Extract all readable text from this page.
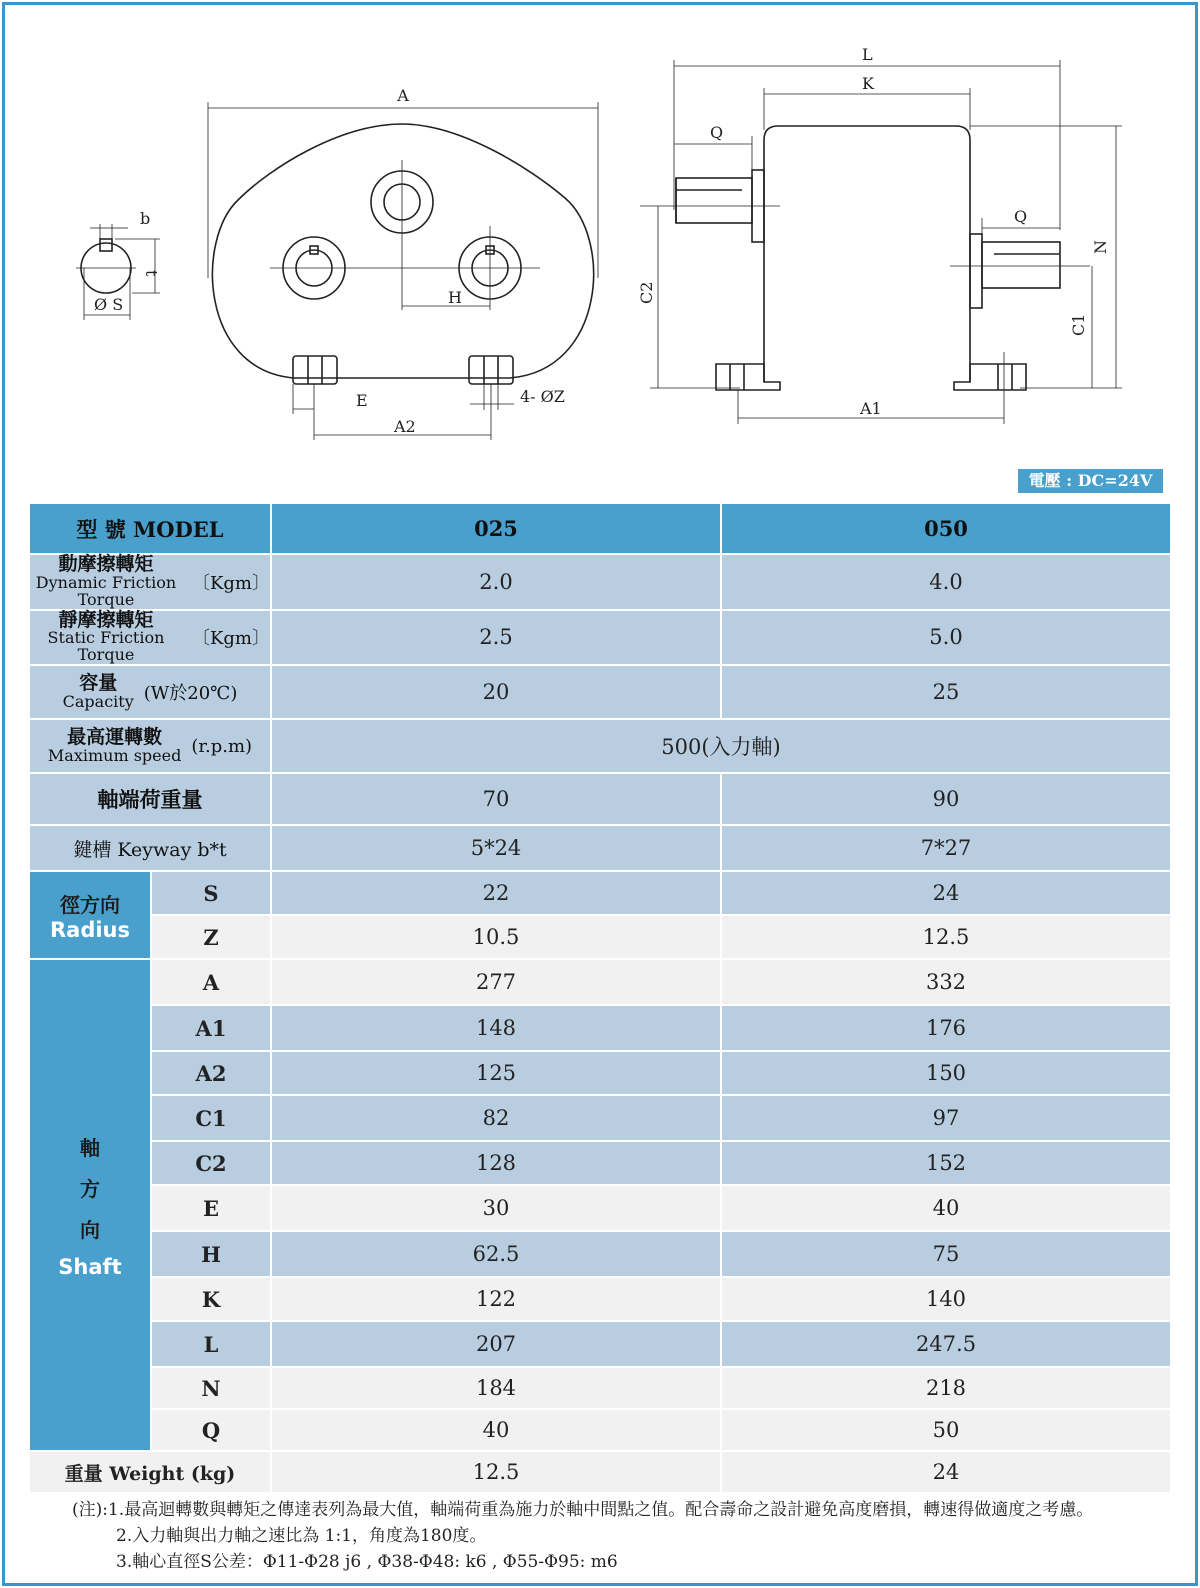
A
b
t
Ø S	H
E	4- ØZ
A2
L
K
Q
Q
N
C1
C2
A1
電壓 : DC=24V
型 號 MODEL		025	050

動摩擦轉矩
Dynamic Friction Torque
〔Kgm〕		2.0	4.0

靜摩擦轉矩
Static Friction Torque
〔Kgm〕		2.5	5.0

容量
Capacity (W於20℃)		20	25

最高運轉數
Maximum speed (r.p.m)		500(入力軸)	
軸端荷重量		70	90
鍵槽 Keyway b*t		5*24	7*27

徑方向
Radius	S	22	24
	Z	10.5	12.5

軸
方
向
Shaft	A	277	332
	A1	148	176
	A2	125	150
	C1	82	97
	C2	128	152
	E	30	40
	H	62.5	75
	K	122	140
	L	207	247.5
	N	184	218
	Q	40	50
重量 Weight (kg)		12.5	24
(注):1.最高迴轉數與轉矩之傳達表列為最大值，軸端荷重為施力於軸中間點之值。配合壽命之設計避免高度磨損，轉速得做適度之考慮。
2.入力軸與出力軸之速比為 1:1，角度為180度。
3.軸心直徑S公差：Φ11-Φ28 j6 , Φ38-Φ48: k6 , Φ55-Φ95: m6
